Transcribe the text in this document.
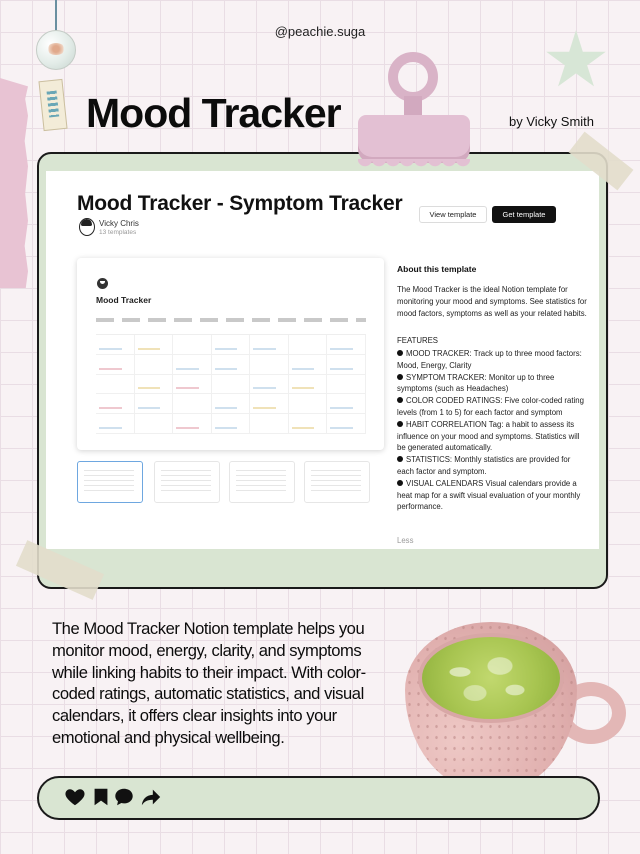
@peachie.suga
Mood Tracker	by Vicky Smith
Mood Tracker - Symptom Tracker
Vicky Chris
13 templates
View template	Get template
Mood Tracker
About this template
The Mood Tracker is the ideal Notion template for monitoring your mood and symptoms. See statistics for mood factors, symptoms as well as your related habits.
FEATURES
MOOD TRACKER: Track up to three mood factors: Mood, Energy, Clarity
SYMPTOM TRACKER: Monitor up to three symptoms (such as Headaches)
COLOR CODED RATINGS: Five color-coded rating levels (from 1 to 5) for each factor and symptom
HABIT CORRELATION Tag: a habit to assess its influence on your mood and symptoms. Statistics will be generated automatically.
STATISTICS: Monthly statistics are provided for each factor and symptom.
VISUAL CALENDARS Visual calendars provide a heat map for a swift visual evaluation of your monthly performance.
Less
The Mood Tracker Notion template helps you monitor mood, energy, clarity, and symptoms while linking habits to their impact. With color-coded ratings, automatic statistics, and visual calendars, it offers clear insights into your emotional and physical wellbeing.
